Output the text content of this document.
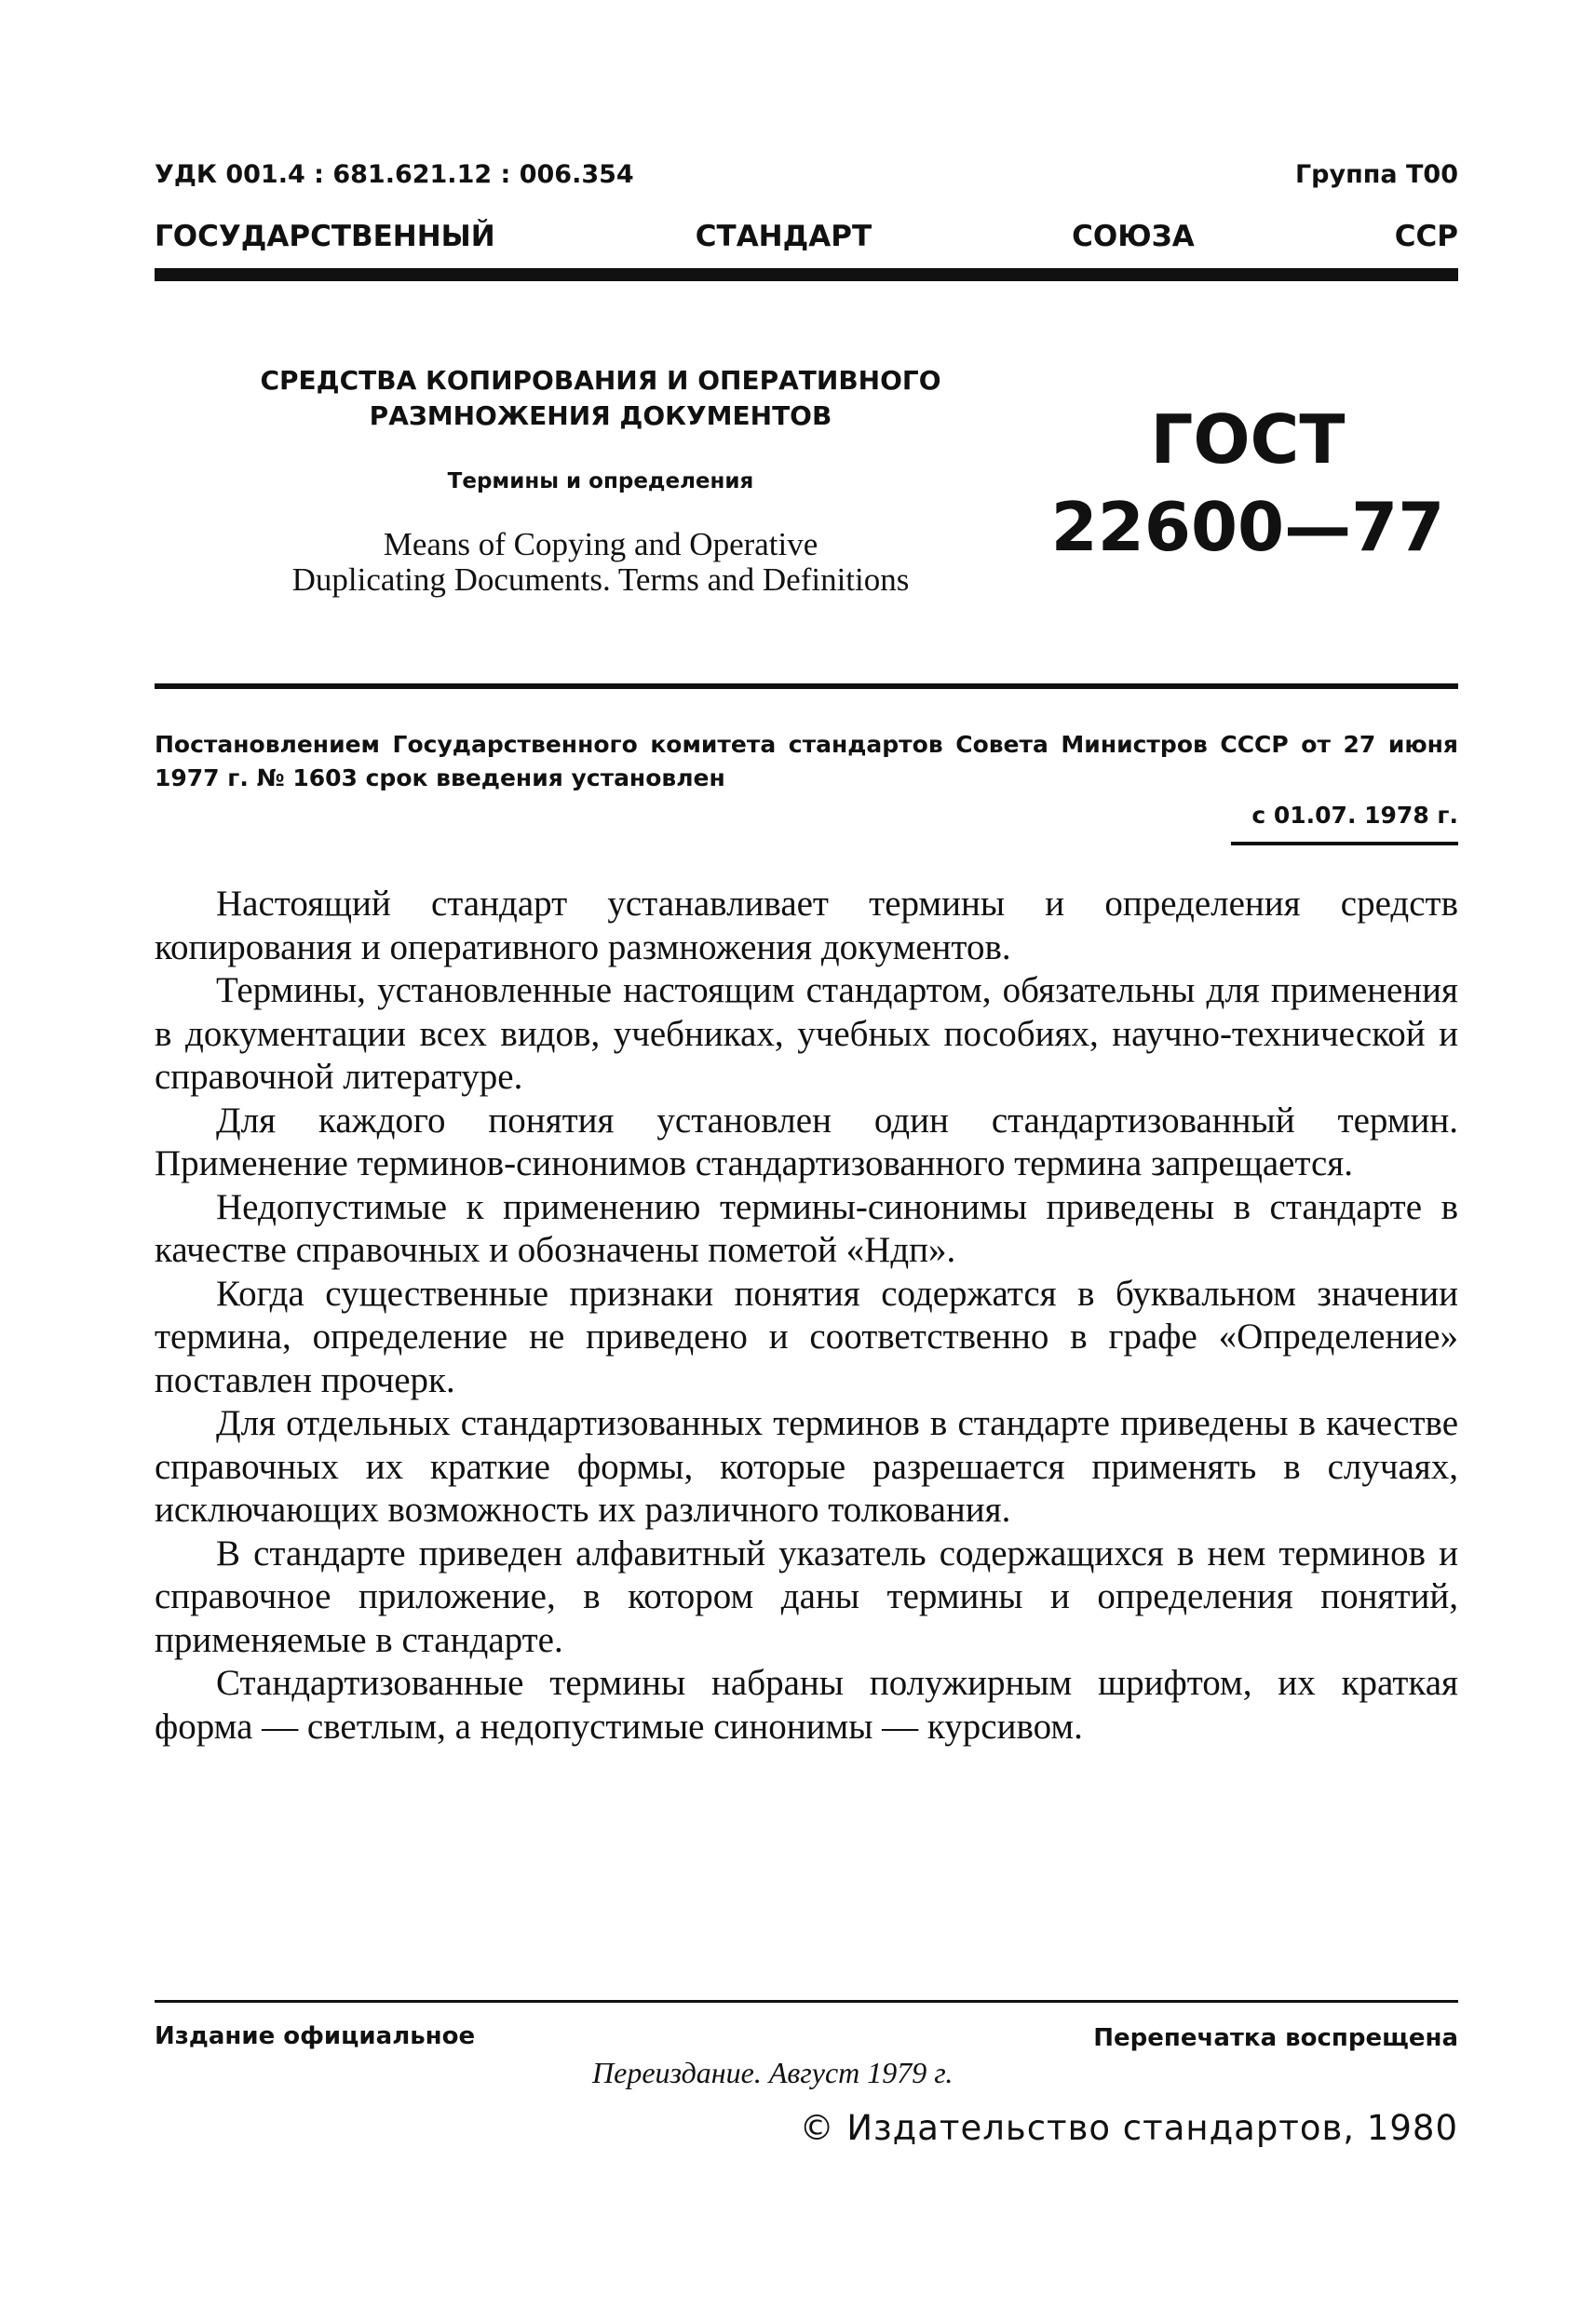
УДК 001.4 : 681.621.12 : 006.354	Группа Т00
ГОСУДАРСТВЕННЫЙ	СТАНДАРТ	СОЮЗА	ССР
СРЕДСТВА КОПИРОВАНИЯ И ОПЕРАТИВНОГО
РАЗМНОЖЕНИЯ ДОКУМЕНТОВ
Термины и определения
Means of Copying and Operative
Duplicating Documents. Terms and Definitions
ГОСТ
22600—77
Постановлением Государственного комитета стандартов Совета Министров СССР от 27 июня 1977 г. № 1603 срок введения установлен
с 01.07. 1978 г.

Настоящий стандарт устанавливает термины и определения средств копирования и оперативного размножения документов.

Термины, установленные настоящим стандартом, обязательны для применения в документации всех видов, учебниках, учебных пособиях, научно-технической и справочной литературе.

Для каждого понятия установлен один стандартизованный термин. Применение терминов-синонимов стандартизованного термина запрещается.

Недопустимые к применению термины-синонимы приведены в стандарте в качестве справочных и обозначены пометой «Ндп».

Когда существенные признаки понятия содержатся в буквальном значении термина, определение не приведено и соответственно в графе «Определение» поставлен прочерк.

Для отдельных стандартизованных терминов в стандарте приведены в качестве справочных их краткие формы, которые разрешается применять в случаях, исключающих возможность их различного толкования.

В стандарте приведен алфавитный указатель содержащихся в нем терминов и справочное приложение, в котором даны термины и определения понятий, применяемые в стандарте.

Стандартизованные термины набраны полужирным шрифтом, их краткая форма — светлым, а недопустимые синонимы — курсивом.

Издание официальное	Перепечатка воспрещена
Переиздание. Август 1979 г.
© Издательство стандартов, 1980
